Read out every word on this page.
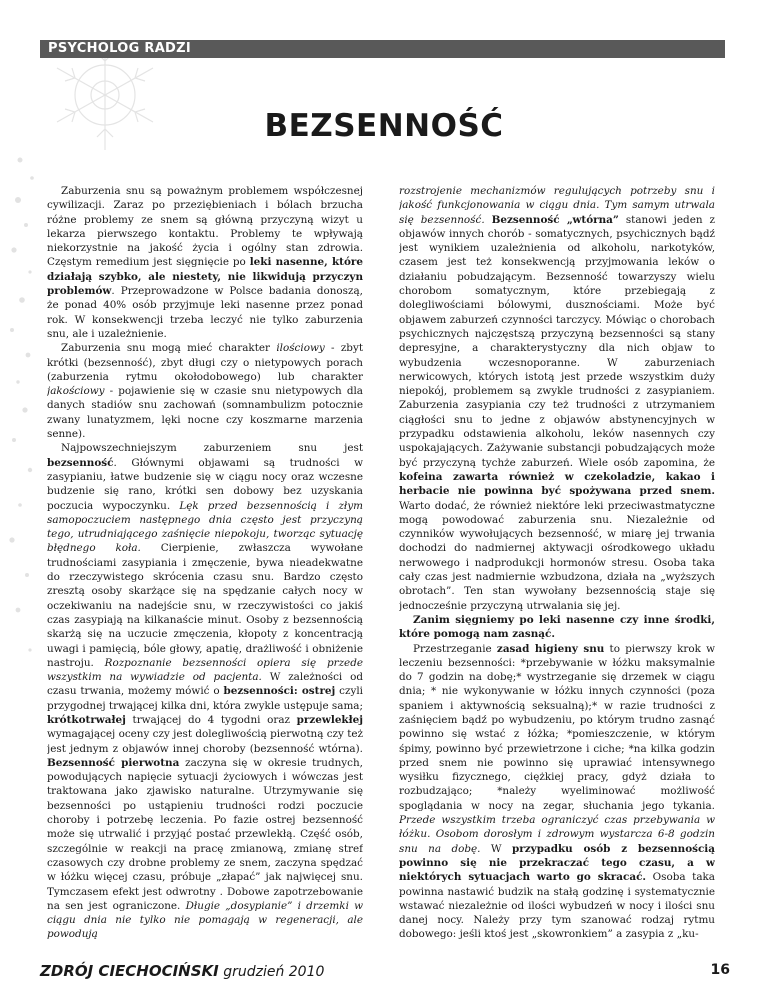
PSYCHOLOG RADZI
BEZSENNOŚĆ

Zaburzenia snu są poważnym problemem współczesnej cywilizacji. Zaraz po przeziębieniach i bólach brzucha różne problemy ze snem są główną przyczyną wizyt u lekarza pierwszego kontaktu. Problemy te wpływają niekorzystnie na jakość życia i ogólny stan zdrowia. Częstym remedium jest sięgnięcie po leki nasenne, które działają szybko, ale niestety, nie likwidują przyczyn problemów. Przeprowadzone w Polsce badania donoszą, że ponad 40% osób przyjmuje leki nasenne przez ponad rok. W konsekwencji trzeba leczyć nie tylko zaburzenia snu, ale i uzależnienie.

Zaburzenia snu mogą mieć charakter ilościowy - zbyt krótki (bezsenność), zbyt długi czy o nietypowych porach (zaburzenia rytmu okołodobowego) lub charakter jakościowy - pojawienie się w czasie snu nietypowych dla danych stadiów snu zachowań (somnambulizm potocznie zwany lunatyzmem, lęki nocne czy koszmarne marzenia senne).

Najpowszechniejszym zaburzeniem snu jest bezsenność. Głównymi objawami są trudności w zasypianiu, łatwe budzenie się w ciągu nocy oraz wczesne budzenie się rano, krótki sen dobowy bez uzyskania poczucia wypoczynku. Lęk przed bezsennością i złym samopoczuciem następnego dnia często jest przyczyną tego, utrudniającego zaśnięcie niepokoju, tworząc sytuację błędnego koła. Cierpienie, zwłaszcza wywołane trudnościami zasypiania i zmęczenie, bywa nieadekwatne do rzeczywistego skrócenia czasu snu. Bardzo często zresztą osoby skarżące się na spędzanie całych nocy w oczekiwaniu na nadejście snu, w rzeczywistości co jakiś czas zasypiają na kilkanaście minut. Osoby z bezsennością skarżą się na uczucie zmęczenia, kłopoty z koncentracją uwagi i pamięcią, bóle głowy, apatię, drażliwość i obniżenie nastroju. Rozpoznanie bezsenności opiera się przede wszystkim na wywiadzie od pacjenta. W zależności od czasu trwania, możemy mówić o bezsenności: ostrej czyli przygodnej trwającej kilka dni, która zwykle ustępuje sama; krótkotrwałej trwającej do 4 tygodni oraz przewlekłej wymagającej oceny czy jest dolegliwością pierwotną czy też jest jednym z objawów innej choroby (bezsenność wtórna). Bezsenność pierwotna zaczyna się w okresie trudnych, powodujących napięcie sytuacji życiowych i wówczas jest traktowana jako zjawisko naturalne. Utrzymywanie się bezsenności po ustąpieniu trudności rodzi poczucie choroby i potrzebę leczenia. Po fazie ostrej bezsenność może się utrwalić i przyjąć postać przewlekłą. Część osób, szczególnie w reakcji na pracę zmianową, zmianę stref czasowych czy drobne problemy ze snem, zaczyna spędzać w łóżku więcej czasu, próbuje „złapać” jak najwięcej snu. Tymczasem efekt jest odwrotny . Dobowe zapotrzebowanie na sen jest ograniczone. Długie „dosypianie” i drzemki w ciągu dnia nie tylko nie pomagają w regeneracji, ale powodują

rozstrojenie mechanizmów regulujących potrzeby snu i jakość funkcjonowania w ciągu dnia. Tym samym utrwala się bezsenność. Bezsenność „wtórna” stanowi jeden z objawów innych chorób - somatycznych, psychicznych bądź jest wynikiem uzależnienia od alkoholu, narkotyków, czasem jest też konsekwencją przyjmowania leków o działaniu pobudzającym. Bezsenność towarzyszy wielu chorobom somatycznym, które przebiegają z dolegliwościami bólowymi, dusznościami. Może być objawem zaburzeń czynności tarczycy. Mówiąc o chorobach psychicznych najczęstszą przyczyną bezsenności są stany depresyjne, a charakterystyczny dla nich objaw to wybudzenia wczesnoporanne. W zaburzeniach nerwicowych, których istotą jest przede wszystkim duży niepokój, problemem są zwykle trudności z zasypianiem. Zaburzenia zasypiania czy też trudności z utrzymaniem ciągłości snu to jedne z objawów abstynencyjnych w przypadku odstawienia alkoholu, leków nasennych czy uspokajających. Zażywanie substancji pobudzających może być przyczyną tychże zaburzeń. Wiele osób zapomina, że kofeina zawarta również w czekoladzie, kakao i herbacie nie powinna być spożywana przed snem. Warto dodać, że również niektóre leki przeciwastmatyczne mogą powodować zaburzenia snu. Niezależnie od czynników wywołujących bezsenność, w miarę jej trwania dochodzi do nadmiernej aktywacji ośrodkowego układu nerwowego i nadprodukcji hormonów stresu. Osoba taka cały czas jest nadmiernie wzbudzona, działa na „wyższych obrotach”. Ten stan wywołany bezsennością staje się jednocześnie przyczyną utrwalania się jej.

Zanim sięgniemy po leki nasenne czy inne środki, które pomogą nam zasnąć.

Przestrzeganie zasad higieny snu to pierwszy krok w leczeniu bezsenności: *przebywanie w łóżku maksymalnie do 7 godzin na dobę;* wystrzeganie się drzemek w ciągu dnia; * nie wykonywanie w łóżku innych czynności (poza spaniem i aktywnością seksualną);* w razie trudności z zaśnięciem bądź po wybudzeniu, po którym trudno zasnąć powinno się wstać z łóżka; *pomieszczenie, w którym śpimy, powinno być przewietrzone i ciche; *na kilka godzin przed snem nie powinno się uprawiać intensywnego wysiłku fizycznego, ciężkiej pracy, gdyż działa to rozbudzająco; *należy wyeliminować możliwość spoglądania w nocy na zegar, słuchania jego tykania. Przede wszystkim trzeba ograniczyć czas przebywania w łóżku. Osobom dorosłym i zdrowym wystarcza 6-8 godzin snu na dobę. W przypadku osób z bezsennością powinno się nie przekraczać tego czasu, a w niektórych sytuacjach warto go skracać. Osoba taka powinna nastawić budzik na stałą godzinę i systematycznie wstawać niezależnie od ilości wybudzeń w nocy i ilości snu danej nocy. Należy przy tym szanować rodzaj rytmu dobowego: jeśli ktoś jest „skowronkiem” a zasypia z „ku-

ZDRÓJ CIECHOCIŃSKI grudzień 2010	16
